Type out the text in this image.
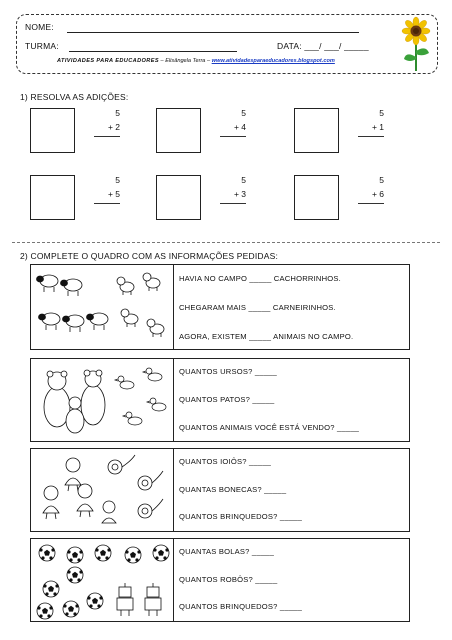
NOME:
TURMA:	DATA: ___/ ___/ _____
ATIVIDADES PARA EDUCADORES – Elisângela Terra – www.atividadesparaeducadores.blogspot.com
1) RESOLVA AS ADIÇÕES:
5
+ 2
5
+ 4
5
+ 1
5
+ 5
5
+ 3
5
+ 6
2) COMPLETE O QUADRO COM AS INFORMAÇÕES PEDIDAS:
HAVIA NO CAMPO _____ CACHORRINHOS.
CHEGARAM MAIS _____ CARNEIRINHOS.
AGORA, EXISTEM _____ ANIMAIS NO CAMPO.
QUANTOS URSOS? _____
QUANTOS PATOS? _____
QUANTOS ANIMAIS VOCÊ ESTÁ VENDO? _____
QUANTOS IOIÔS? _____
QUANTAS BONECAS? _____
QUANTOS BRINQUEDOS? _____
QUANTAS BOLAS? _____
QUANTOS ROBÔS? _____
QUANTOS BRINQUEDOS? _____
